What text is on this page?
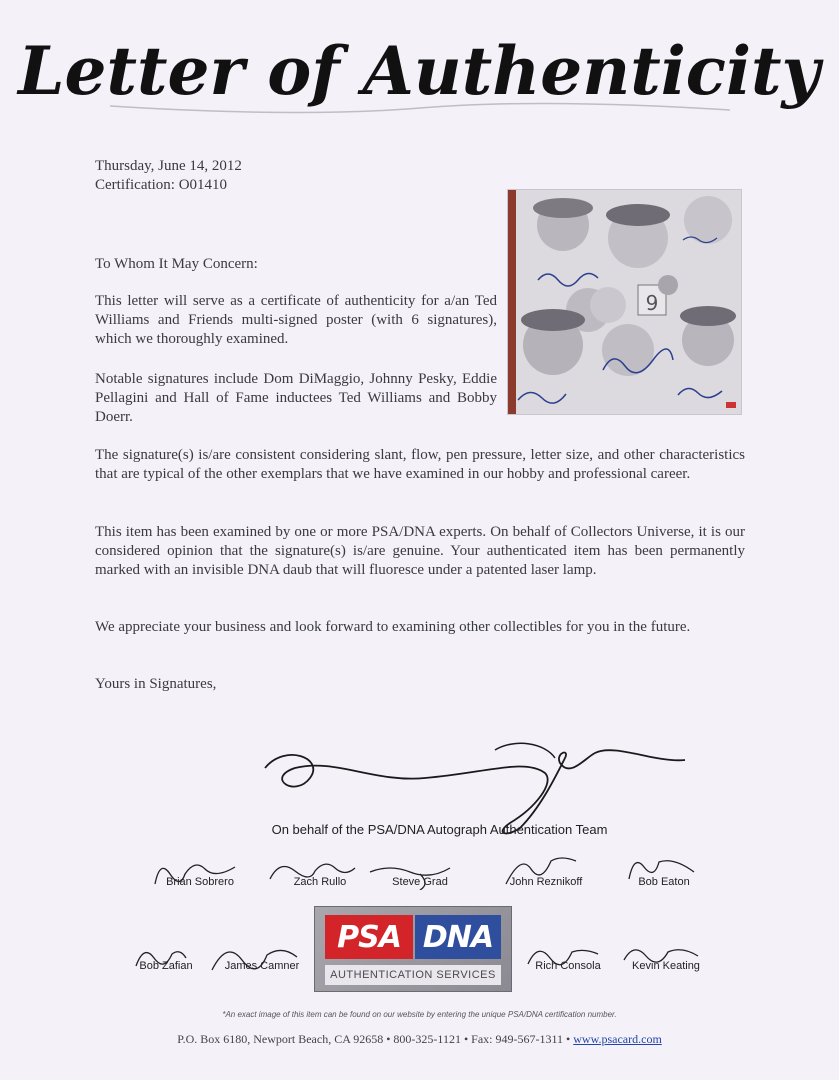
Letter of Authenticity
Thursday, June 14, 2012
Certification: O01410
9
To Whom It May Concern:
This letter will serve as a certificate of authenticity for a/an Ted Williams and Friends multi-signed poster (with 6 signatures), which we thoroughly examined.
Notable signatures include Dom DiMaggio, Johnny Pesky, Eddie Pellagini and Hall of Fame inductees Ted Williams and Bobby Doerr.
The signature(s) is/are consistent considering slant, flow, pen pressure, letter size, and other characteristics that are typical of the other exemplars that we have examined in our hobby and professional career.
This item has been examined by one or more PSA/DNA experts. On behalf of Collectors Universe, it is our considered opinion that the signature(s) is/are genuine. Your authenticated item has been permanently marked with an invisible DNA daub that will fluoresce under a patented laser lamp.
We appreciate your business and look forward to examining other collectibles for you in the future.
Yours in Signatures,
On behalf of the PSA/DNA Autograph Authentication Team
Brian Sobrero	Zach Rullo	Steve Grad	John Reznikoff	Bob Eaton
Bob Zafian	James Camner	Rich Consola	Kevin Keating
PSA DNA
AUTHENTICATION SERVICES
*An exact image of this item can be found on our website by entering the unique PSA/DNA certification number.
P.O. Box 6180, Newport Beach, CA 92658 • 800-325-1121 • Fax: 949-567-1311 • www.psacard.com
